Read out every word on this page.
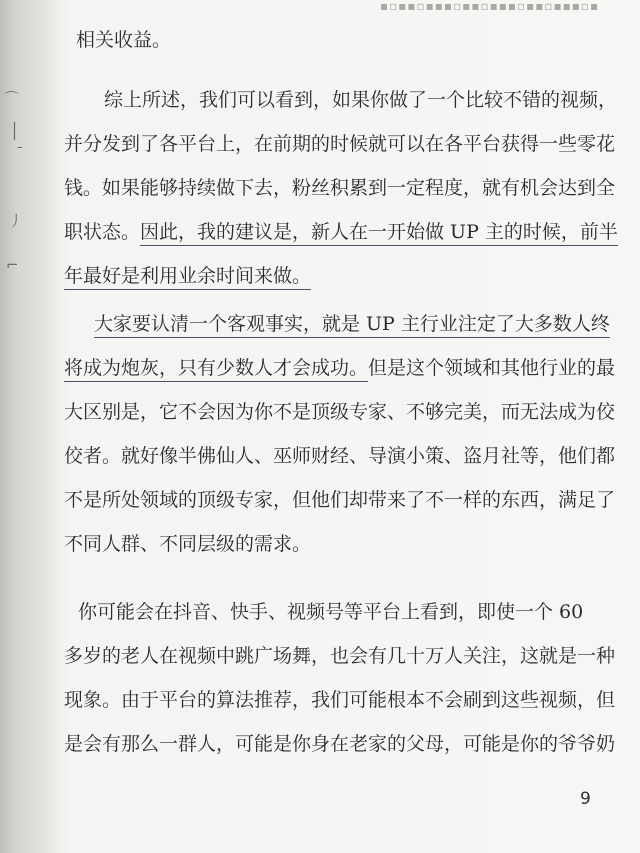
⌒
│
ˉ
丿
⌐
▪▫▪▪▫▪▪▪▫▪▪▫▪▪▪▫▪▪▫▪▪▪▫▪
相关收益。
综上所述，我们可以看到，如果你做了一个比较不错的视频，
并分发到了各平台上，在前期的时候就可以在各平台获得一些零花
钱。如果能够持续做下去，粉丝积累到一定程度，就有机会达到全
职状态。因此，我的建议是，新人在一开始做 UP 主的时候，前半
年最好是利用业余时间来做。
大家要认清一个客观事实，就是 UP 主行业注定了大多数人终
将成为炮灰，只有少数人才会成功。但是这个领域和其他行业的最
大区别是，它不会因为你不是顶级专家、不够完美，而无法成为佼
佼者。就好像半佛仙人、巫师财经、导演小策、盗月社等，他们都
不是所处领域的顶级专家，但他们却带来了不一样的东西，满足了
不同人群、不同层级的需求。
你可能会在抖音、快手、视频号等平台上看到，即使一个 60
多岁的老人在视频中跳广场舞，也会有几十万人关注，这就是一种
现象。由于平台的算法推荐，我们可能根本不会刷到这些视频，但
是会有那么一群人，可能是你身在老家的父母，可能是你的爷爷奶
9
